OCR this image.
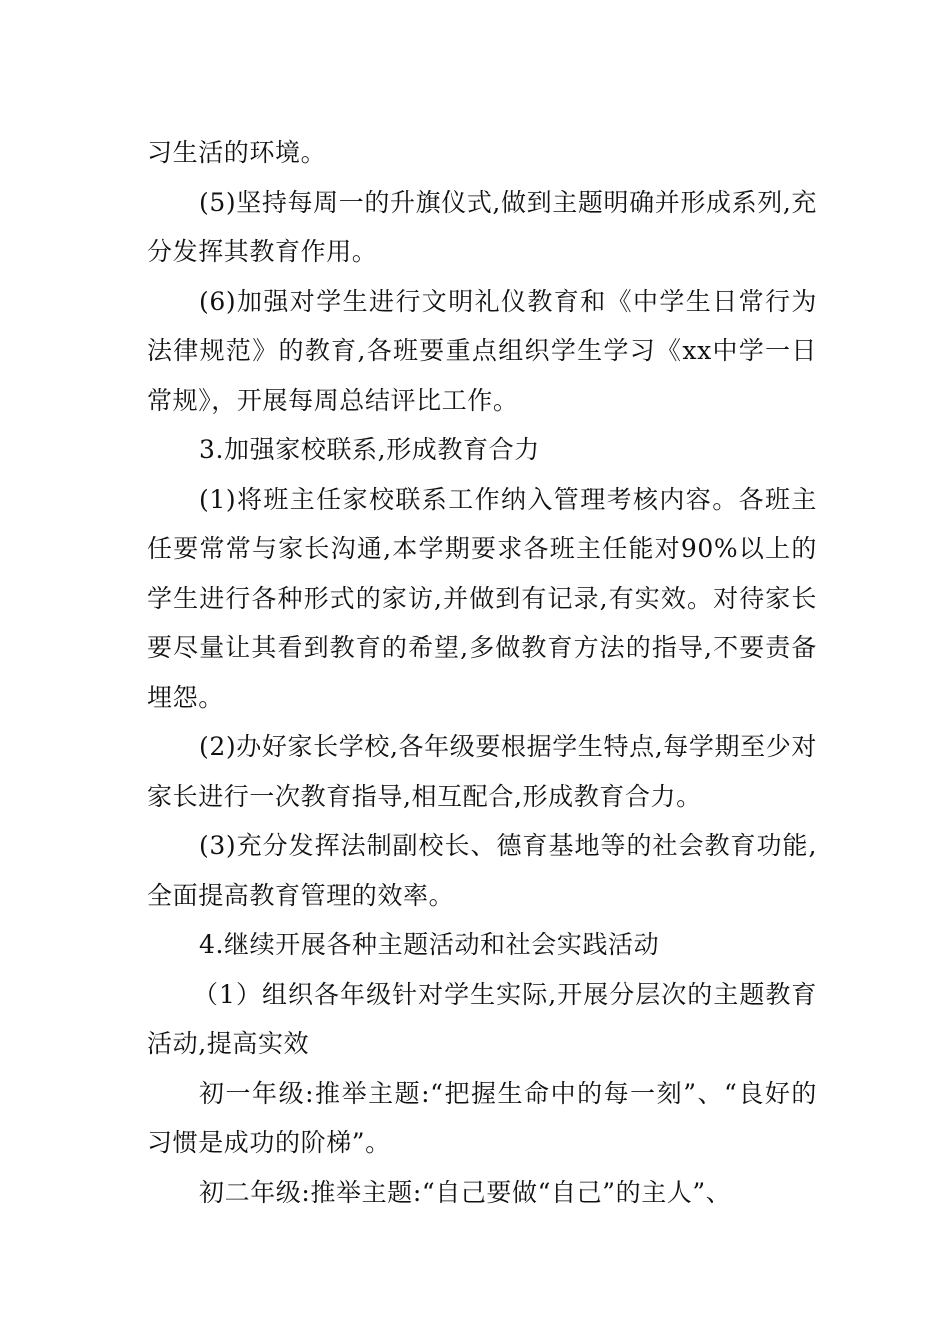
习生活的环境。

(5)坚持每周一的升旗仪式,做到主题明确并形成系列,充分发挥其教育作用。

(6)加强对学生进行文明礼仪教育和《中学生日常行为法律规范》的教育,各班要重点组织学生学习《xx中学一日常规》，开展每周总结评比工作。

3.加强家校联系,形成教育合力

(1)将班主任家校联系工作纳入管理考核内容。各班主任要常常与家长沟通,本学期要求各班主任能对90%以上的学生进行各种形式的家访,并做到有记录,有实效。对待家长要尽量让其看到教育的希望,多做教育方法的指导,不要责备埋怨。

(2)办好家长学校,各年级要根据学生特点,每学期至少对家长进行一次教育指导,相互配合,形成教育合力。

(3)充分发挥法制副校长、德育基地等的社会教育功能,全面提高教育管理的效率。

4.继续开展各种主题活动和社会实践活动

（1）组织各年级针对学生实际,开展分层次的主题教育活动,提高实效

初一年级:推举主题:“把握生命中的每一刻”、“良好的习惯是成功的阶梯”。

初二年级:推举主题:“自己要做“自己”的主人”、
